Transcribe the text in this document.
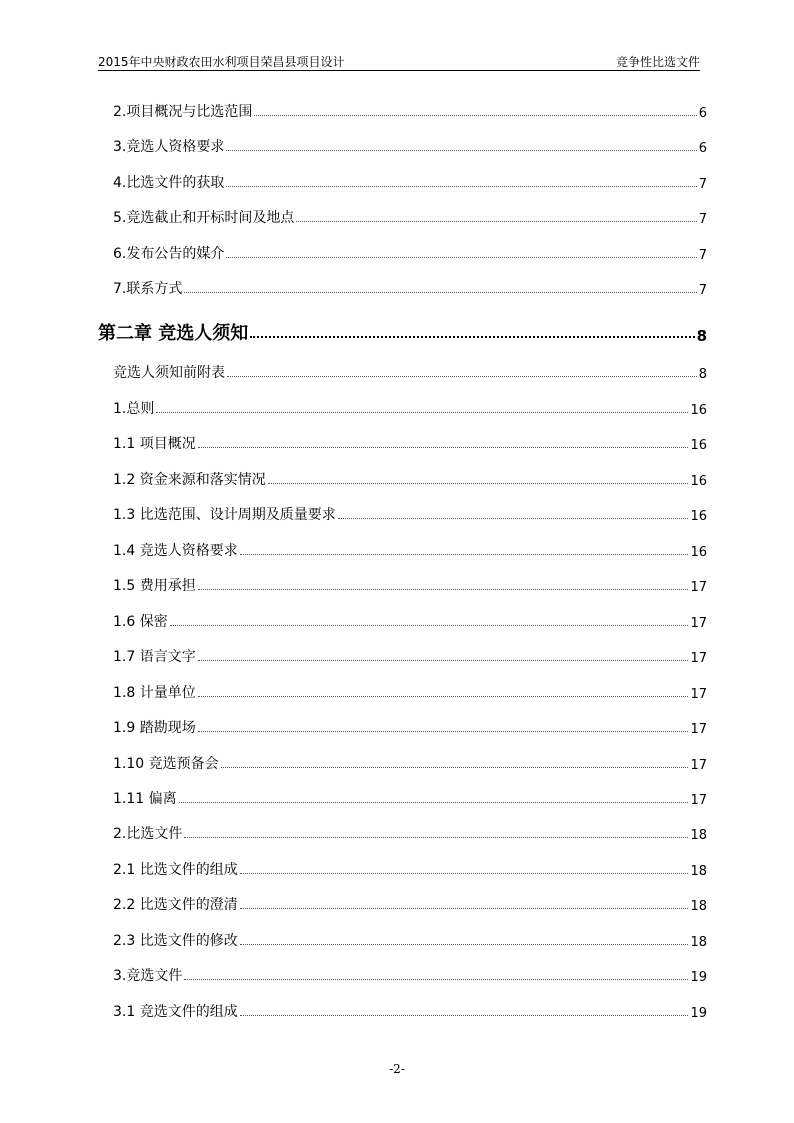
2015年中央财政农田水利项目荣昌县项目设计	竞争性比选文件
2.项目概况与比选范围	6
3.竞选人资格要求	6
4.比选文件的获取	7
5.竞选截止和开标时间及地点	7
6.发布公告的媒介	7
7.联系方式	7
第二章 竞选人须知	8
竞选人须知前附表	8
1.总则	16
1.1 项目概况	16
1.2 资金来源和落实情况	16
1.3 比选范围、设计周期及质量要求	16
1.4 竞选人资格要求	16
1.5 费用承担	17
1.6 保密	17
1.7 语言文字	17
1.8 计量单位	17
1.9 踏勘现场	17
1.10 竞选预备会	17
1.11 偏离	17
2.比选文件	18
2.1 比选文件的组成	18
2.2 比选文件的澄清	18
2.3 比选文件的修改	18
3.竞选文件	19
3.1 竞选文件的组成	19
-2-
